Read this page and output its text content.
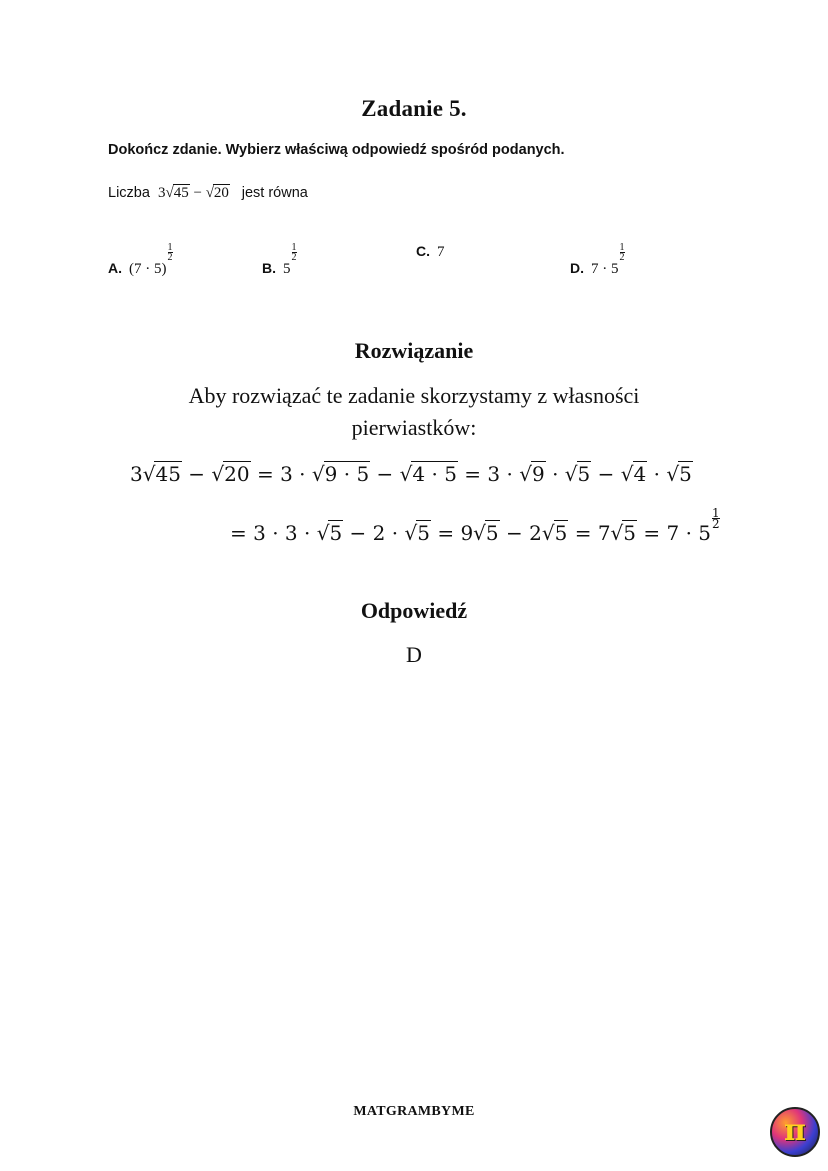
Zadanie 5.
Dokończ zdanie. Wybierz właściwą odpowiedź spośród podanych.
Liczba 3√45 − √20 jest równa
A. (7 · 5)
$\frac{1}{2}$
B. 5
$\frac{1}{2}$	C. 7
D. 7 · 5
$\frac{1}{2}$
Rozwiązanie
Aby rozwiązać te zadanie skorzystamy z własności pierwiastków:
3√45 − √20 = 3 · √9 · 5 − √4 · 5 = 3 · √9 · √5 − √4 · √5
= 3 · 3 · √5 − 2 · √5 = 9√5 − 2√5 = 7√5 = 7 · 5
$\frac{1}{2}$
Odpowiedź
D
MATGRAMBYME
π
